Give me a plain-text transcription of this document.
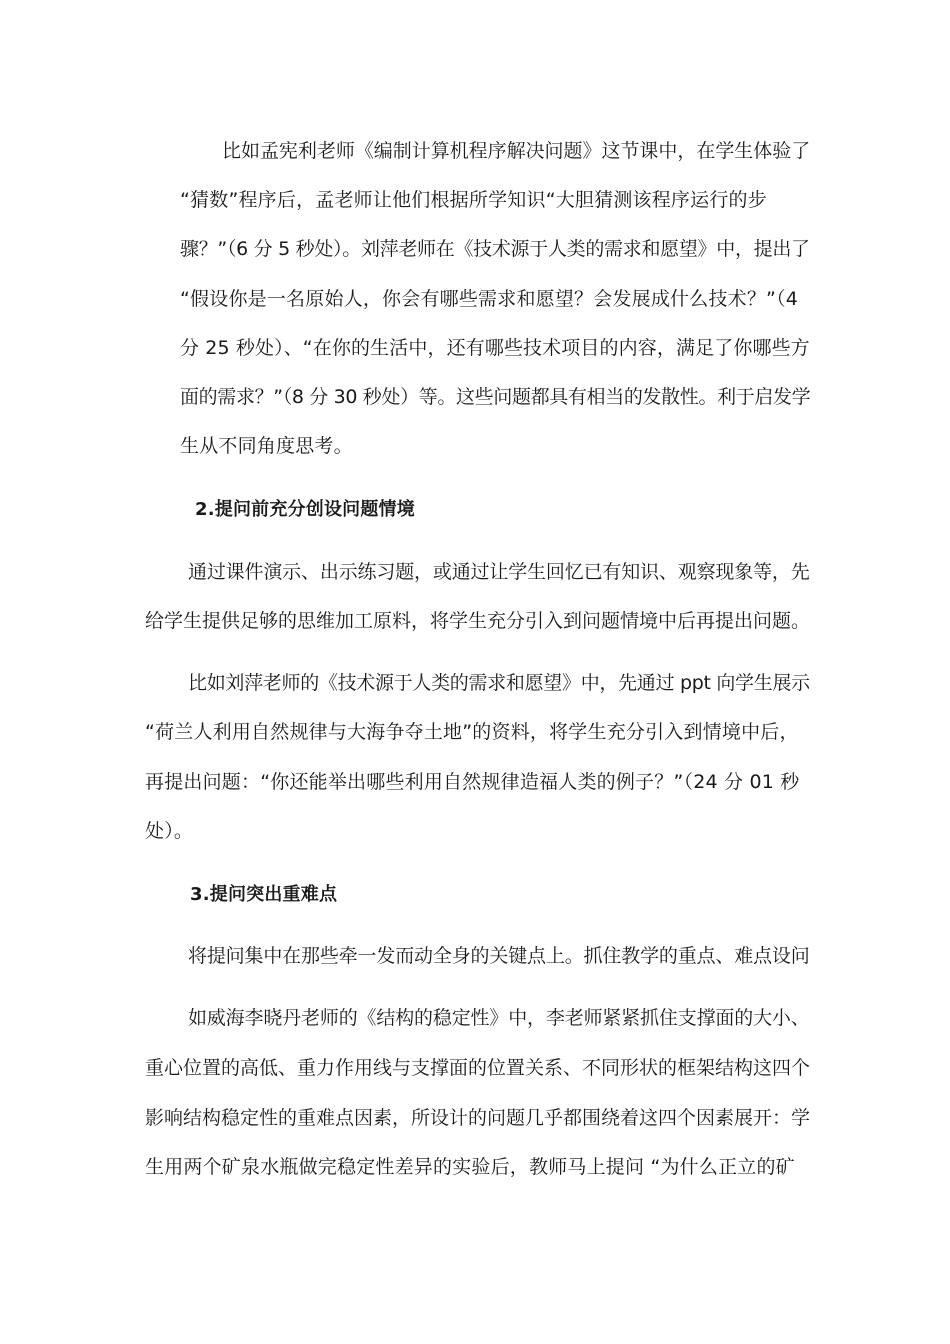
比如孟宪利老师《编制计算机程序解决问题》这节课中，在学生体验了
“猜数”程序后，孟老师让他们根据所学知识“大胆猜测该程序运行的步
骤？”（6 分 5 秒处）。刘萍老师在《技术源于人类的需求和愿望》中，提出了
“假设你是一名原始人，你会有哪些需求和愿望？会发展成什么技术？”（4
分 25 秒处）、“在你的生活中，还有哪些技术项目的内容，满足了你哪些方
面的需求？”（8 分 30 秒处）等。这些问题都具有相当的发散性。利于启发学
生从不同角度思考。
2.提问前充分创设问题情境
通过课件演示、出示练习题，或通过让学生回忆已有知识、观察现象等，先
给学生提供足够的思维加工原料，将学生充分引入到问题情境中后再提出问题。
比如刘萍老师的《技术源于人类的需求和愿望》中，先通过 ppt 向学生展示
“荷兰人利用自然规律与大海争夺土地”的资料，将学生充分引入到情境中后，
再提出问题：“你还能举出哪些利用自然规律造福人类的例子？”（24 分 01 秒
处）。
3.提问突出重难点
将提问集中在那些牵一发而动全身的关键点上。抓住教学的重点、难点设问
如威海李晓丹老师的《结构的稳定性》中，李老师紧紧抓住支撑面的大小、
重心位置的高低、重力作用线与支撑面的位置关系、不同形状的框架结构这四个
影响结构稳定性的重难点因素，所设计的问题几乎都围绕着这四个因素展开：学
生用两个矿泉水瓶做完稳定性差异的实验后，教师马上提问 “为什么正立的矿
